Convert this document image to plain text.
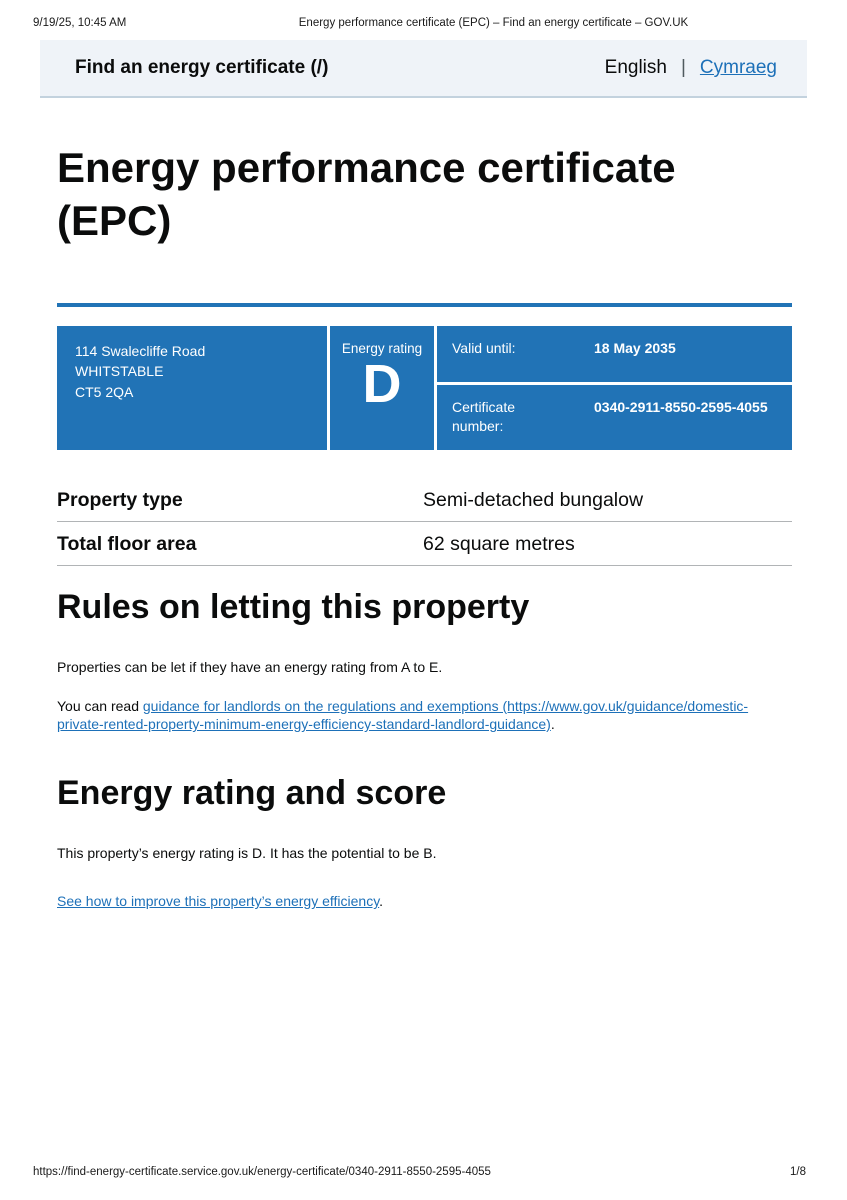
9/19/25, 10:45 AM	Energy performance certificate (EPC) – Find an energy certificate – GOV.UK
Find an energy certificate (/)	English | Cymraeg
Energy performance certificate (EPC)
114 Swalecliffe Road
WHITSTABLE
CT5 2QA
Energy rating
D
Valid until:	18 May 2035
Certificate number:
0340-2911-8550-2595-4055
Property type	Semi-detached bungalow
Total floor area	62 square metres
Rules on letting this property

Properties can be let if they have an energy rating from A to E.

You can read guidance for landlords on the regulations and exemptions (https://www.gov.uk/guidance/domestic-private-rented-property-minimum-energy-efficiency-standard-landlord-guidance).

Energy rating and score

This property’s energy rating is D. It has the potential to be B.

See how to improve this property’s energy efficiency.

https://find-energy-certificate.service.gov.uk/energy-certificate/0340-2911-8550-2595-4055	1/8
